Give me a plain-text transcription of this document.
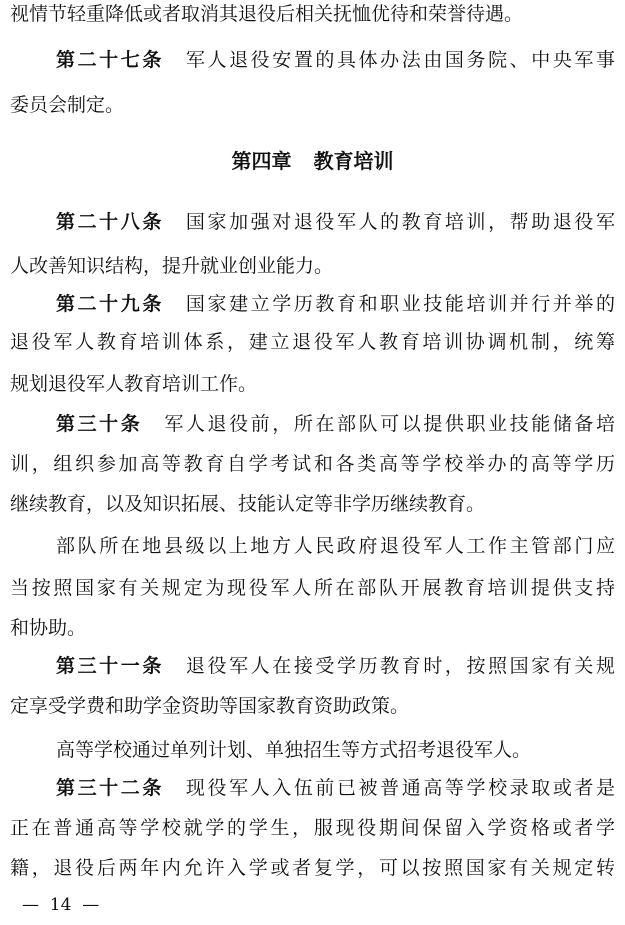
视情节轻重降低或者取消其退役后相关抚恤优待和荣誉待遇。
第二十七条 军人退役安置的具体办法由国务院、中央军事
委员会制定。
第四章 教育培训
第二十八条 国家加强对退役军人的教育培训，帮助退役军
人改善知识结构，提升就业创业能力。
第二十九条 国家建立学历教育和职业技能培训并行并举的
退役军人教育培训体系，建立退役军人教育培训协调机制，统筹
规划退役军人教育培训工作。
第三十条 军人退役前，所在部队可以提供职业技能储备培
训，组织参加高等教育自学考试和各类高等学校举办的高等学历
继续教育，以及知识拓展、技能认定等非学历继续教育。
部队所在地县级以上地方人民政府退役军人工作主管部门应
当按照国家有关规定为现役军人所在部队开展教育培训提供支持
和协助。
第三十一条 退役军人在接受学历教育时，按照国家有关规
定享受学费和助学金资助等国家教育资助政策。
高等学校通过单列计划、单独招生等方式招考退役军人。
第三十二条 现役军人入伍前已被普通高等学校录取或者是
正在普通高等学校就学的学生，服现役期间保留入学资格或者学
籍，退役后两年内允许入学或者复学，可以按照国家有关规定转
—  14  —
